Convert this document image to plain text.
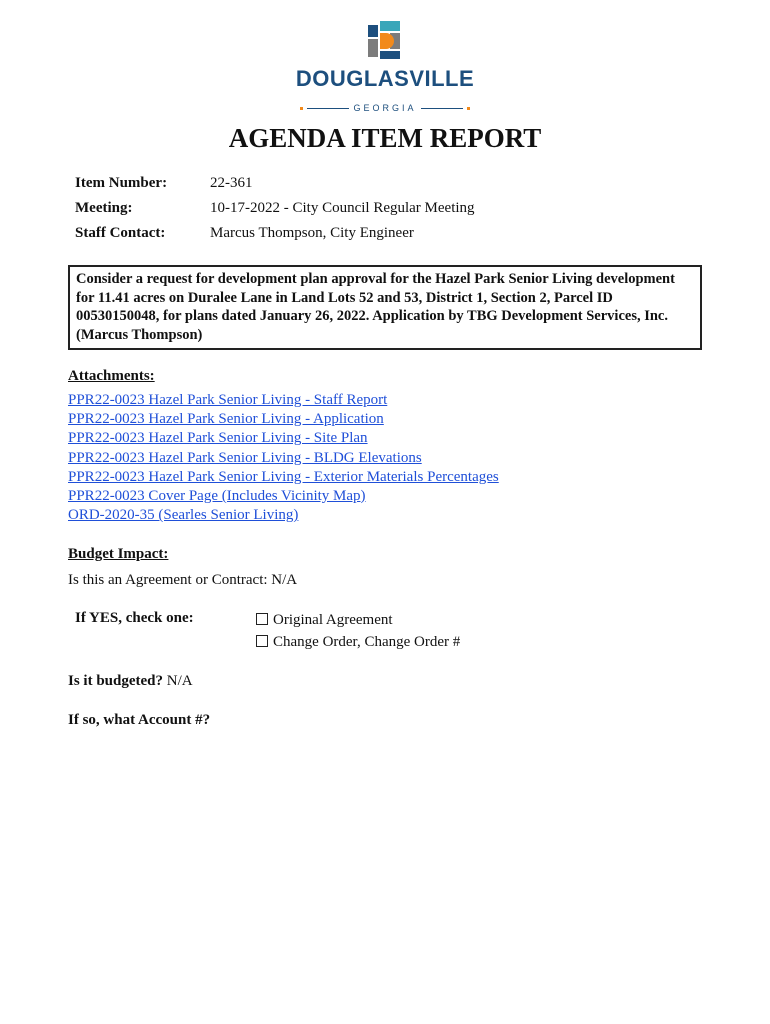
DOUGLASVILLE
GEORGIA
AGENDA ITEM REPORT
Item Number:	22-361
Meeting:	10-17-2022 - City Council Regular Meeting
Staff Contact:	Marcus Thompson, City Engineer
Consider a request for development plan approval for the Hazel Park Senior Living development for 11.41 acres on Duralee Lane in Land Lots 52 and 53, District 1, Section 2, Parcel ID 00530150048, for plans dated January 26, 2022. Application by TBG Development Services, Inc. (Marcus Thompson)
Attachments:
PPR22-0023 Hazel Park Senior Living - Staff Report
PPR22-0023 Hazel Park Senior Living - Application
PPR22-0023 Hazel Park Senior Living - Site Plan
PPR22-0023 Hazel Park Senior Living - BLDG Elevations
PPR22-0023 Hazel Park Senior Living - Exterior Materials Percentages
PPR22-0023 Cover Page (Includes Vicinity Map)
ORD-2020-35 (Searles Senior Living)
Budget Impact:
Is this an Agreement or Contract: N/A
If YES, check one:	Original Agreement
Change Order, Change Order #
Is it budgeted? N/A
If so, what Account #?
